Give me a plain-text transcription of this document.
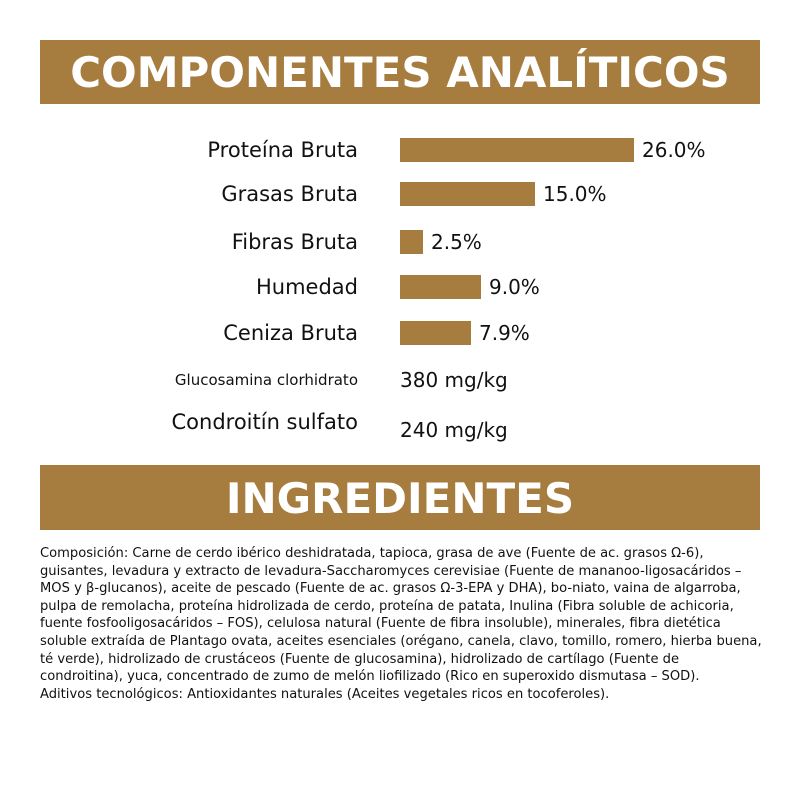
COMPONENTES ANALÍTICOS
Proteína Bruta	26.0%
Grasas Bruta	15.0%
Fibras Bruta	2.5%
Humedad	9.0%
Ceniza Bruta	7.9%
Glucosamina clorhidrato 380 mg/kg
Condroitín sulfato 240 mg/kg
INGREDIENTES

Composición: Carne de cerdo ibérico deshidratada, tapioca, grasa de ave (Fuente de ac. grasos Ω-6), guisantes, levadura y extracto de levadura-Saccharomyces cerevisiae (Fuente de mananoo-ligosacáridos – MOS y β-glucanos), aceite de pescado (Fuente de ac. grasos Ω-3-EPA y DHA), bo-niato, vaina de algarroba, pulpa de remolacha, proteína hidrolizada de cerdo, proteína de patata, Inulina (Fibra soluble de achicoria, fuente fosfooligosacáridos – FOS), celulosa natural (Fuente de fibra insoluble), minerales, fibra dietética soluble extraída de Plantago ovata, aceites esenciales (orégano, canela, clavo, tomillo, romero, hierba buena, té verde), hidrolizado de crustáceos (Fuente de glucosamina), hidrolizado de cartílago (Fuente de condroitina), yuca, concentrado de zumo de melón liofilizado (Rico en superoxido dismutasa – SOD).

Aditivos tecnológicos: Antioxidantes naturales (Aceites vegetales ricos en tocoferoles).
